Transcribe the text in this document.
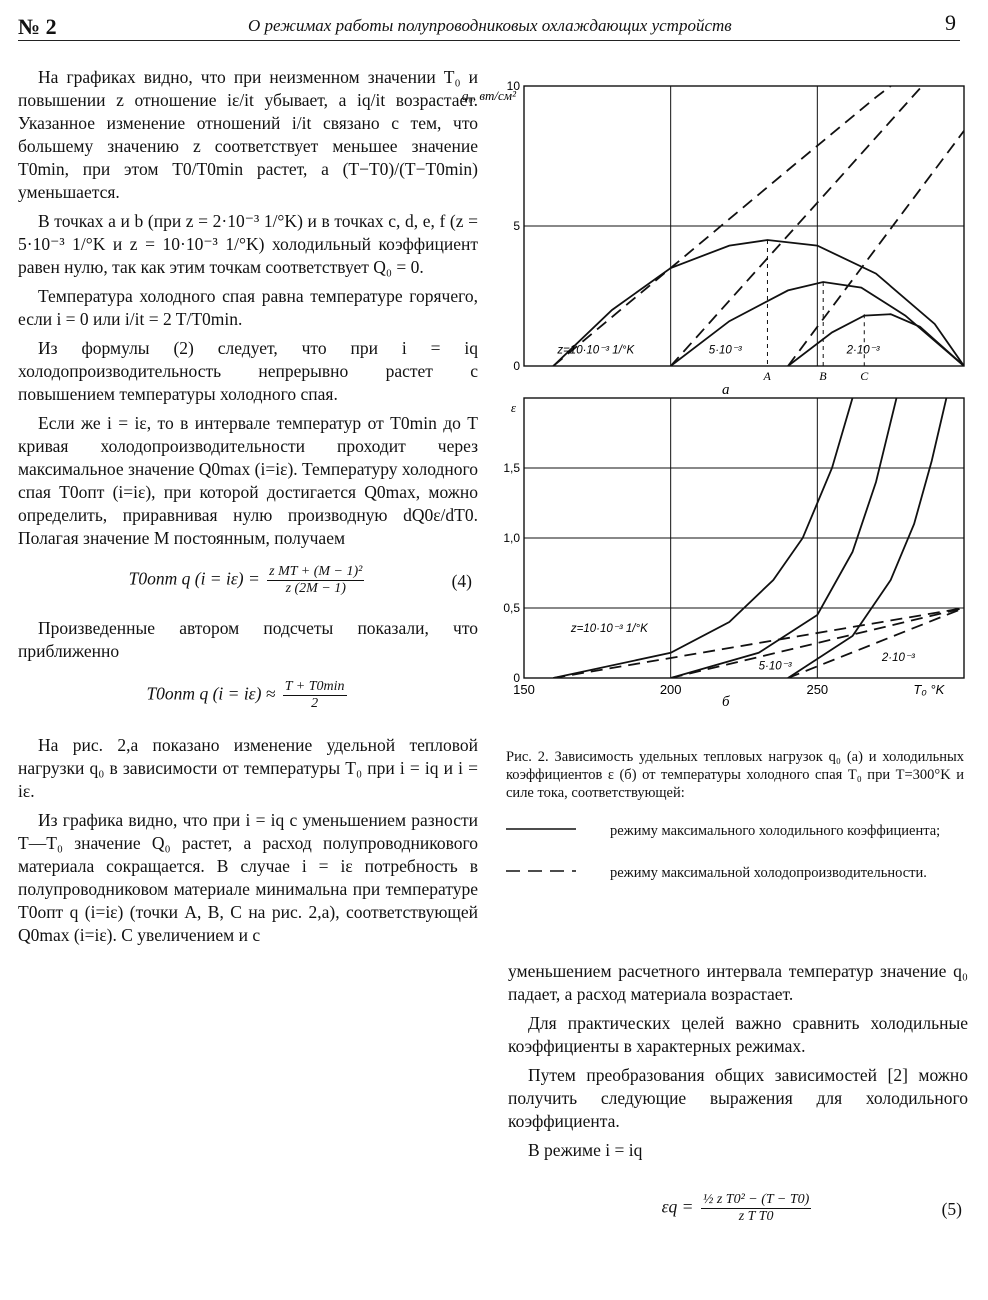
№ 2	О режимах работы полупроводниковых охлаждающих устройств	9

На графиках видно, что при неизменном значении T₀ и повышении z отношение iε/it убывает, а iq/it возрастает. Указанное изменение отношений i/it связано с тем, что большему значению z соответствует меньшее значение T0min, при этом T0/T0min растет, а (T−T0)/(T−T0min) уменьшается.

В точках a и b (при z = 2·10⁻³ 1/°K) и в точках c, d, e, f (z = 5·10⁻³ 1/°K и z = 10·10⁻³ 1/°K) холодильный коэффициент равен нулю, так как этим точкам соответствует Q₀ = 0.

Температура холодного спая равна температуре горячего, если i = 0 или i/it = 2 T/T0min.

Из формулы (2) следует, что при i = iq холодопроизводительность непрерывно растет с повышением температуры холодного спая.

Если же i = iε, то в интервале температур от T0min до T кривая холодопроизводительности проходит через максимальное значение Q0max (i=iε). Температуру холодного спая T0опт (i=iε), при которой достигается Q0max, можно определить, приравнивая нулю производную dQ0ε/dT0. Полагая значение M постоянным, получаем

T0опт q $(i = i\varepsilon) = \frac{\text{z MT + (M − 1)²}}{z (2M - 1)}$	(4)

Произведенные автором подсчеты показали, что приближенно

T0опт q $(i = i\varepsilon) \approx \frac{T + T0\min}{2}$

На рис. 2,а показано изменение удельной тепловой нагрузки q₀ в зависимости от температуры T₀ при i = iq и i = iε.

Из графика видно, что при i = iq с уменьшением разности T—T₀ значение Q₀ растет, а расход полупроводникового материала сокращается. В случае i = iε потребность в полупроводниковом материале минимальна при температуре T0опт q (i=iε) (точки A, B, C на рис. 2,а), соответствующей Q0max (i=iε). С увеличением и с

0
5
10
q₀, вт/см²
а
A	B	C
z=10·10⁻³ 1/°K	5·10⁻³	2·10⁻³
0
0,5
1,0
1,5
ε
б
z=10·10⁻³ 1/°K
5·10⁻³
2·10⁻³
150	200	250	T₀ °K
Рис. 2. Зависимость удельных тепловых нагрузок q₀ (а) и холодильных коэффициентов ε (б) от температуры холодного спая T₀ при T=300°K и силе тока, соответствующей:
режиму максимального холодильного коэффициента;
режиму максимальной холодопроизводительности.

уменьшением расчетного интервала температур значение q₀ падает, а расход материала возрастает.

Для практических целей важно сравнить холодильные коэффициенты в характерных режимах.

Путем преобразования общих зависимостей [2] можно получить следующие выражения для холодильного коэффициента.

В режиме i = iq

$\varepsilon q = \frac{\text{½ z T0² − (T − T0)}}{\text{z T T0}}$	(5)
